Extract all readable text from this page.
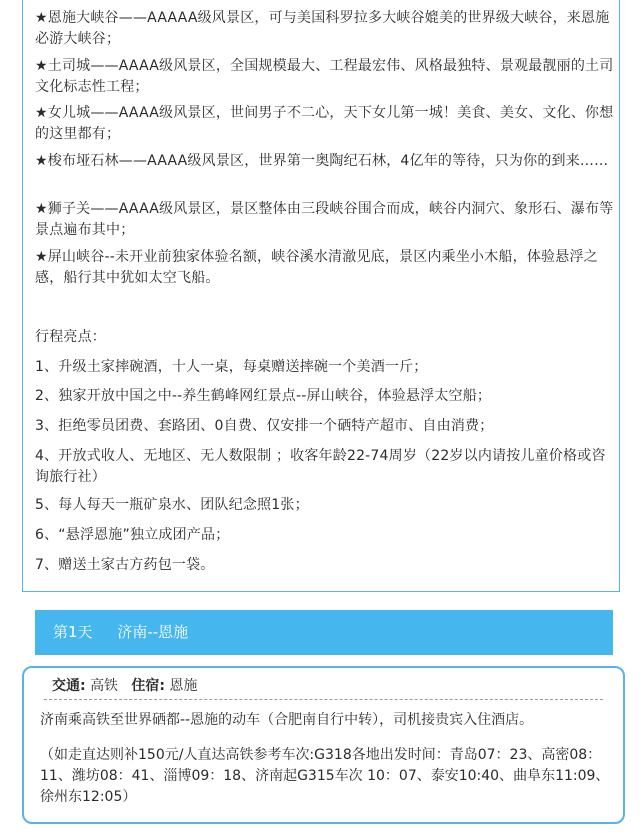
★恩施大峡谷——AAAAA级风景区，可与美国科罗拉多大峡谷媲美的世界级大峡谷，来恩施必游大峡谷；
★土司城——AAAA级风景区，全国规模最大、工程最宏伟、风格最独特、景观最靓丽的土司文化标志性工程；
★女儿城——AAAA级风景区，世间男子不二心，天下女儿第一城！美食、美女、文化、你想的这里都有；
★梭布垭石林——AAAA级风景区，世界第一奥陶纪石林，4亿年的等待，只为你的到来……
★狮子关——AAAA级风景区，景区整体由三段峡谷围合而成，峡谷内洞穴、象形石、瀑布等景点遍布其中；
★屏山峡谷--未开业前独家体验名额，峡谷溪水清澈见底，景区内乘坐小木船，体验悬浮之感，船行其中犹如太空飞船。
行程亮点：
1、升级土家摔碗酒，十人一桌，每桌赠送摔碗一个美酒一斤；
2、独家开放中国之中--养生鹤峰网红景点--屏山峡谷，体验悬浮太空船；
3、拒绝零员团费、套路团、0自费、仅安排一个硒特产超市、自由消费；
4、开放式收人、无地区、无人数限制 ；收客年龄22-74周岁（22岁以内请按儿童价格或咨询旅行社）
5、每人每天一瓶矿泉水、团队纪念照1张；
6、“悬浮恩施”独立成团产品；
7、赠送土家古方药包一袋。
第1天 济南--恩施
交通: 高铁 住宿: 恩施
济南乘高铁至世界硒都--恩施的动车（合肥南自行中转），司机接贵宾入住酒店。
（如走直达则补150元/人直达高铁参考车次:G318各地出发时间：青岛07：23、高密08：11、潍坊08：41、淄博09：18、济南起G315车次 10：07、泰安10:40、曲阜东11:09、徐州东12:05）
